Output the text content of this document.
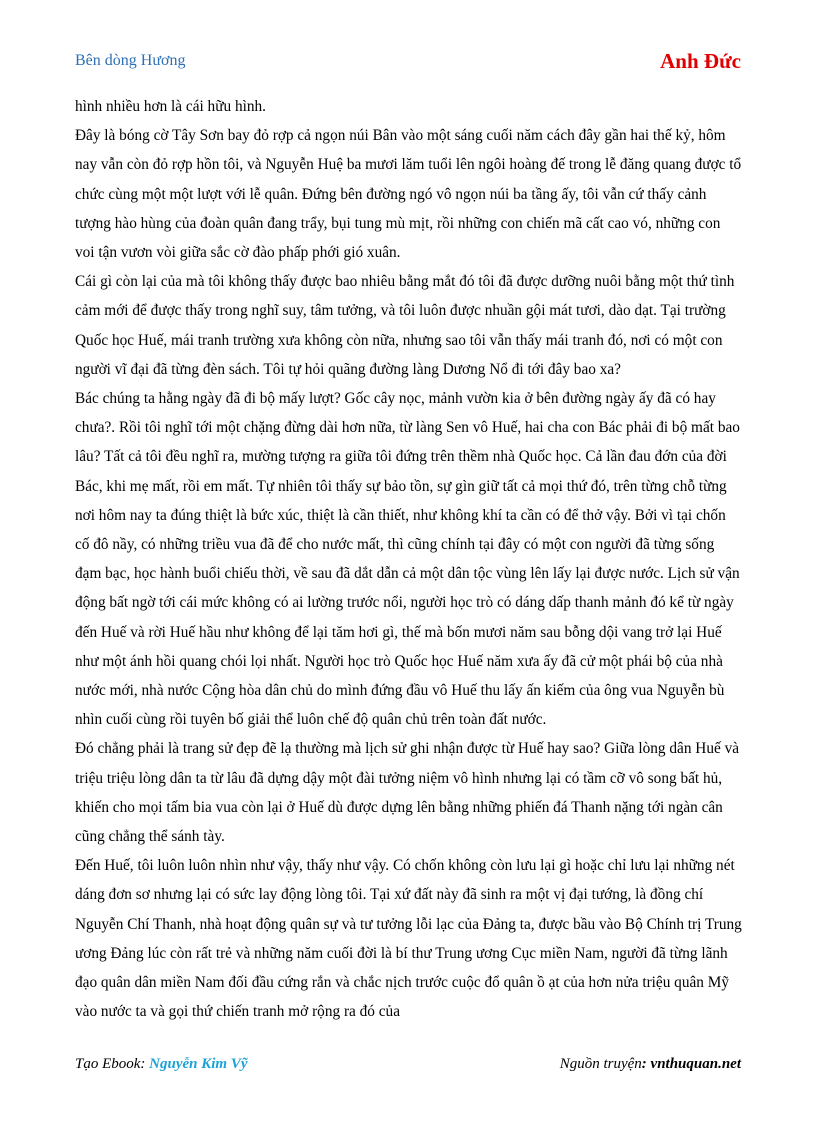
Bên dòng Hương	Anh Đức

hình nhiều hơn là cái hữu hình.

Đây là bóng cờ Tây Sơn bay đỏ rợp cả ngọn núi Bân vào một sáng cuối năm cách đây gần hai thế kỷ, hôm nay vẫn còn đỏ rợp hồn tôi, và Nguyễn Huệ ba mươi lăm tuổi lên ngôi hoàng đế trong lễ đăng quang được tổ chức cùng một một lượt với lễ quân. Đứng bên đường ngó vô ngọn núi ba tầng ấy, tôi vẫn cứ thấy cảnh tượng hào hùng của đoàn quân đang trẩy, bụi tung mù mịt, rồi những con chiến mã cất cao vó, những con voi tận vươn vòi giữa sắc cờ đào phấp phới gió xuân.

Cái gì còn lại của mà tôi không thấy được bao nhiêu bằng mắt đó tôi đã được dưỡng nuôi bằng một thứ tình cảm mới để được thấy trong nghĩ suy, tâm tưởng, và tôi luôn được nhuần gội mát tươi, dào dạt. Tại trường Quốc học Huế, mái tranh trường xưa không còn nữa, nhưng sao tôi vẫn thấy mái tranh đó, nơi có một con người vĩ đại đã từng đèn sách. Tôi tự hỏi quãng đường làng Dương Nổ đi tới đây bao xa?

Bác chúng ta hằng ngày đã đi bộ mấy lượt? Gốc cây nọc, mảnh vườn kia ở bên đường ngày ấy đã có hay chưa?. Rồi tôi nghĩ tới một chặng đừng dài hơn nữa, từ làng Sen vô Huế, hai cha con Bác phải đi bộ mất bao lâu? Tất cả tôi đều nghĩ ra, mường tượng ra giữa tôi đứng trên thềm nhà Quốc học. Cả lần đau đớn của đời Bác, khi mẹ mất, rồi em mất. Tự nhiên tôi thấy sự bảo tồn, sự gìn giữ tất cả mọi thứ đó, trên từng chỗ từng nơi hôm nay ta đúng thiệt là bức xúc, thiệt là cần thiết, như không khí ta cần có để thở vậy. Bởi vì tại chốn cố đô nầy, có những triều vua đã để cho nước mất, thì cũng chính tại đây có một con người đã từng sống đạm bạc, học hành buổi chiếu thời, về sau đã dắt dẫn cả một dân tộc vùng lên lấy lại được nước. Lịch sử vận động bất ngờ tới cái mức không có ai lường trước nổi, người học trò có dáng dấp thanh mảnh đó kể từ ngày đến Huế và rời Huế hầu như không để lại tăm hơi gì, thế mà bốn mươi năm sau bỗng dội vang trở lại Huế như một ánh hồi quang chói lọi nhất. Người học trò Quốc học Huế năm xưa ấy đã cử một phái bộ của nhà nước mới, nhà nước Cộng hòa dân chủ do mình đứng đầu vô Huế thu lấy ấn kiếm của ông vua Nguyễn bù nhìn cuối cùng rồi tuyên bố giải thể luôn chế độ quân chủ trên toàn đất nước.

Đó chẳng phải là trang sử đẹp đẽ lạ thường mà lịch sử ghi nhận được từ Huế hay sao? Giữa lòng dân Huế và triệu triệu lòng dân ta từ lâu đã dựng dậy một đài tưởng niệm vô hình nhưng lại có tầm cỡ vô song bất hủ, khiến cho mọi tấm bia vua còn lại ở Huế dù được dựng lên bằng những phiến đá Thanh nặng tới ngàn cân cũng chẳng thể sánh tày.

Đến Huế, tôi luôn luôn nhìn như vậy, thấy như vậy. Có chốn không còn lưu lại gì hoặc chỉ lưu lại những nét dáng đơn sơ nhưng lại có sức lay động lòng tôi. Tại xứ đất này đã sinh ra một vị đại tướng, là đồng chí Nguyễn Chí Thanh, nhà hoạt động quân sự và tư tưởng lỗi lạc của Đảng ta, được bầu vào Bộ Chính trị Trung ương Đảng lúc còn rất trẻ và những năm cuối đời là bí thư Trung ương Cục miền Nam, người đã từng lãnh đạo quân dân miền Nam đối đầu cứng rắn và chắc nịch trước cuộc đổ quân ồ ạt của hơn nửa triệu quân Mỹ vào nước ta và gọi thứ chiến tranh mở rộng ra đó của

Tạo Ebook: Nguyễn Kim Vỹ	Nguồn truyện: vnthuquan.net
